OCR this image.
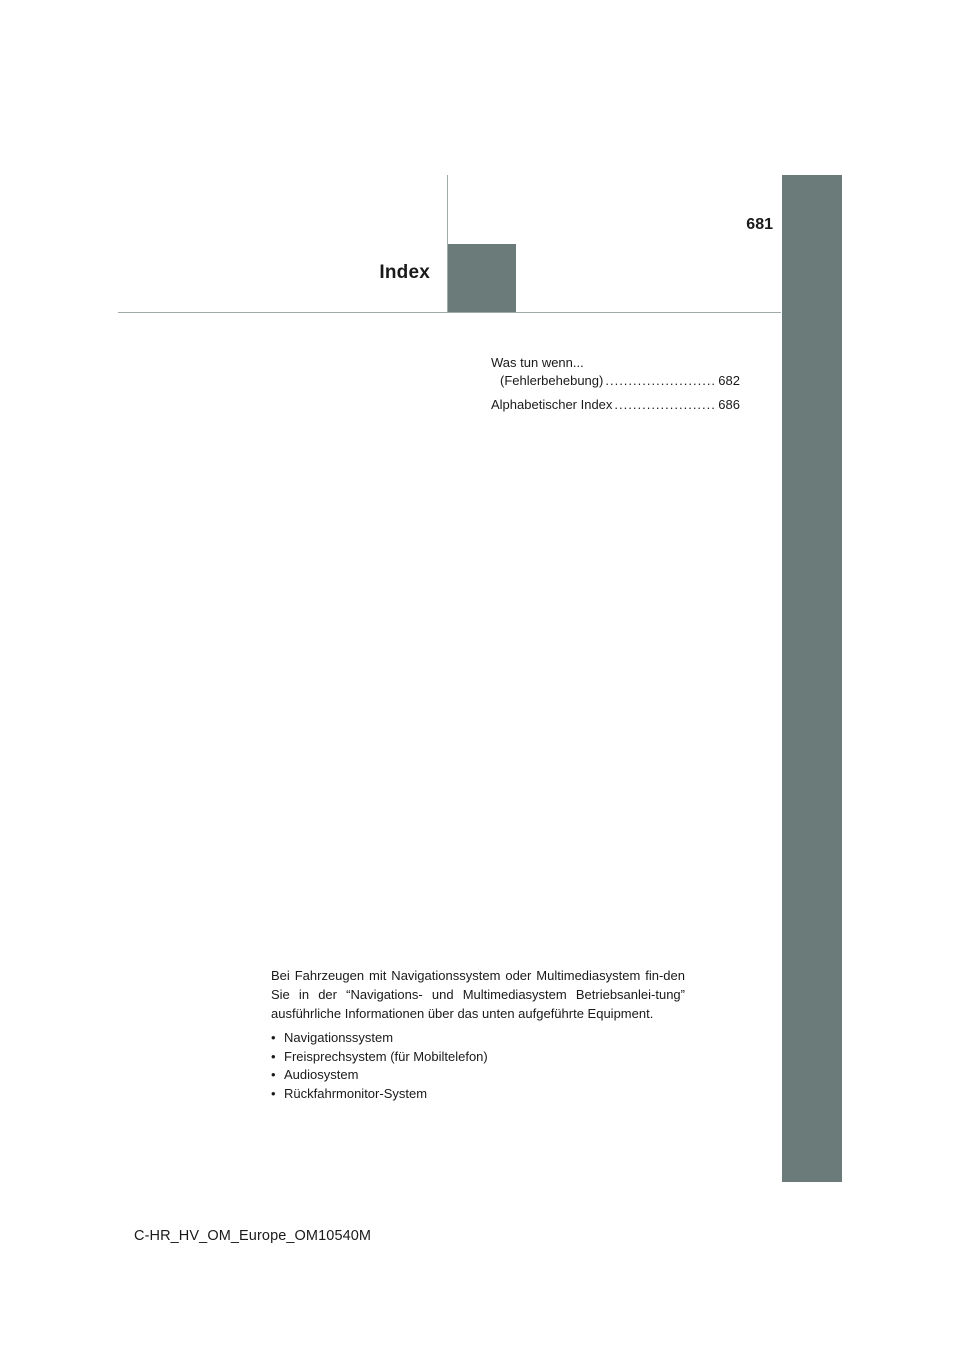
Index
681
Was tun wenn...
(Fehlerbehebung) .....	682
Alphabetischer Index .....	686

Bei Fahrzeugen mit Navigationssystem oder Multimediasystem fin-den Sie in der “Navigations- und Multimediasystem Betriebsanlei-tung” ausführliche Informationen über das unten aufgeführte Equipment.

• Navigationssystem
• Freisprechsystem (für Mobiltelefon)
• Audiosystem
• Rückfahrmonitor-System
C-HR_HV_OM_Europe_OM10540M
